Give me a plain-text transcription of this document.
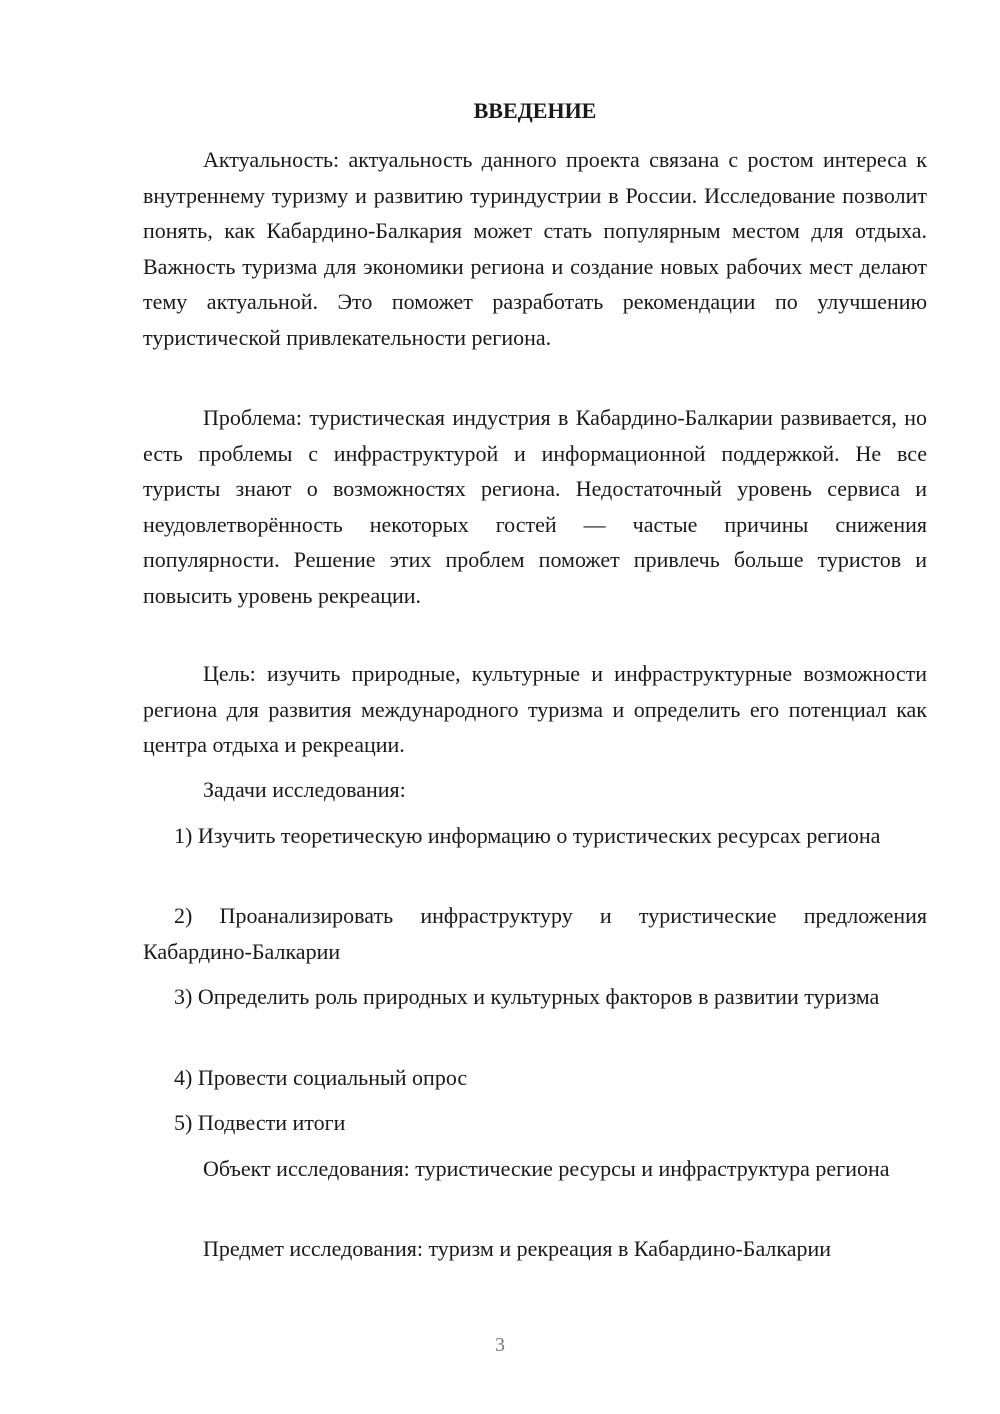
ВВЕДЕНИЕ

Актуальность: актуальность данного проекта связана с ростом интереса к внутреннему туризму и развитию туриндустрии в России. Исследование позволит понять, как Кабардино-Балкария может стать популярным местом для отдыха. Важность туризма для экономики региона и создание новых рабочих мест делают тему актуальной. Это поможет разработать рекомендации по улучшению туристической привлекательности региона.

Проблема: туристическая индустрия в Кабардино-Балкарии развивается, но есть проблемы с инфраструктурой и информационной поддержкой. Не все туристы знают о возможностях региона. Недостаточный уровень сервиса и неудовлетворённость некоторых гостей — частые причины снижения популярности. Решение этих проблем поможет привлечь больше туристов и повысить уровень рекреации.

Цель: изучить природные, культурные и инфраструктурные возможности региона для развития международного туризма и определить его потенциал как центра отдыха и рекреации.

Задачи исследования:

1) Изучить теоретическую информацию о туристических ресурсах региона

2) Проанализировать инфраструктуру и туристические предложения Кабардино-Балкарии

3) Определить роль природных и культурных факторов в развитии туризма

4) Провести социальный опрос

5) Подвести итоги

Объект исследования: туристические ресурсы и инфраструктура региона

Предмет исследования: туризм и рекреация в Кабардино-Балкарии

3
